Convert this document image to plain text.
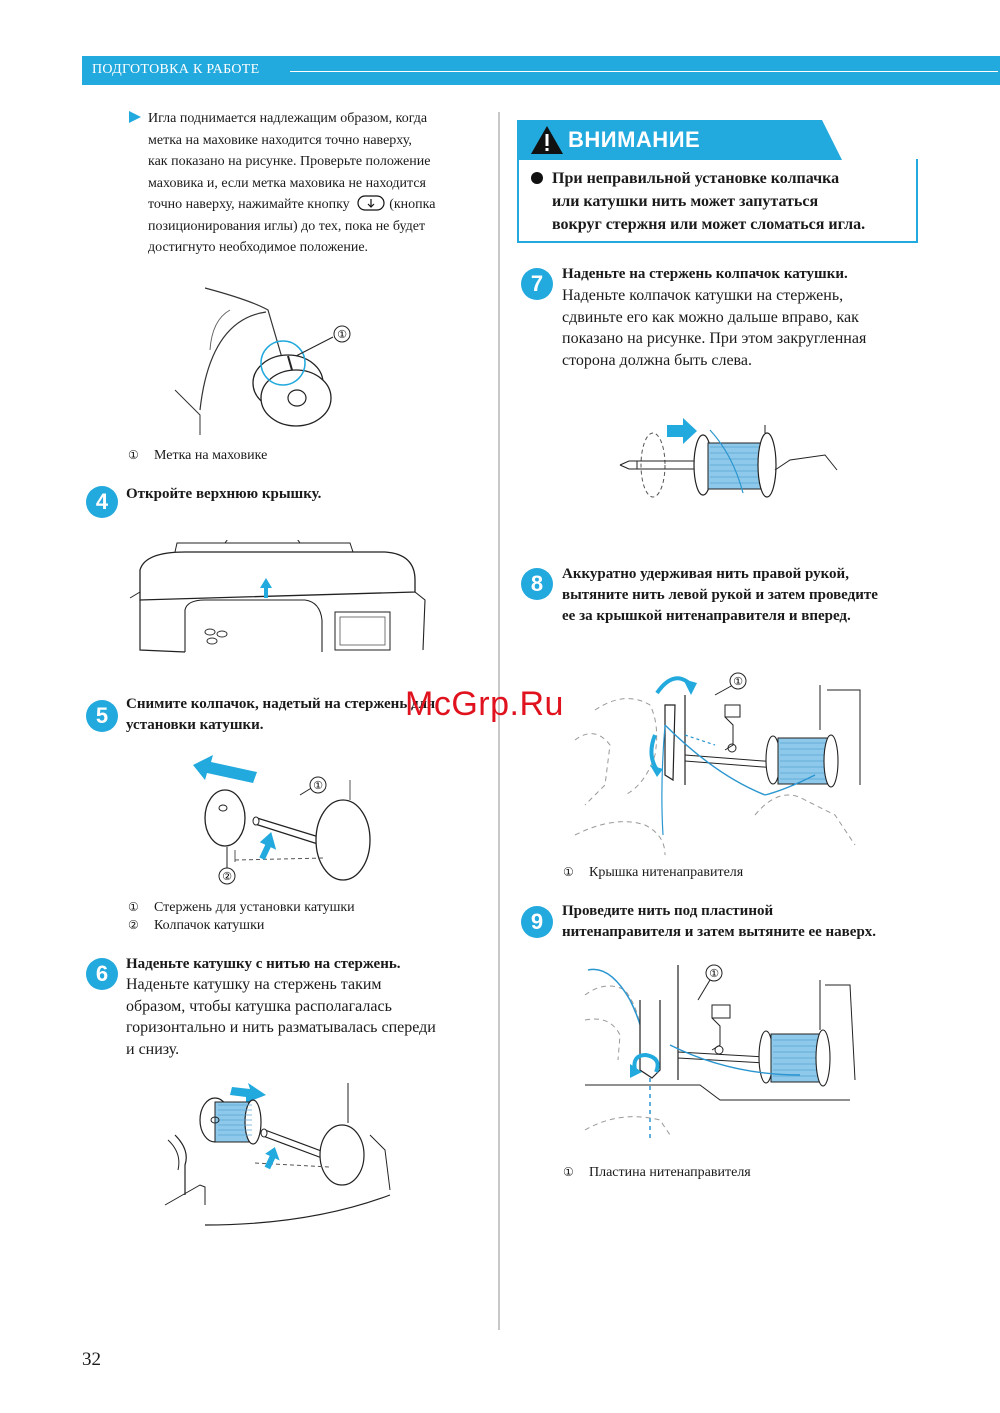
ПОДГОТОВКА К РАБОТЕ
Игла поднимается надлежащим образом, когда
метка на маховике находится точно наверху,
как показано на рисунке. Проверьте положение
маховика и, если метка маховика не находится
точно наверху, нажимайте кнопку	(кнопка
позиционирования иглы) до тех, пока не будет
достигнуто необходимое положение.
①
① Метка на маховике
4	Откройте верхнюю крышку.
5	Снимите колпачок, надетый на стержень для
установки катушки.
①
②
① Стержень для установки катушки
② Колпачок катушки
6	Наденьте катушку с нитью на стержень.
Наденьте катушку на стержень таким
образом, чтобы катушка располагалась
горизонтально и нить разматывалась спереди
и снизу.
ВНИМАНИЕ
При неправильной установке колпачка
или катушки нить может запутаться
вокруг стержня или может сломаться игла.
7	Наденьте на стержень колпачок катушки.
Наденьте колпачок катушки на стержень,
сдвиньте его как можно дальше вправо, как
показано на рисунке. При этом закругленная
сторона должна быть слева.
8	Аккуратно удерживая нить правой рукой,
вытяните нить левой рукой и затем проведите
ее за крышкой нитенаправителя и вперед.
①
① Крышка нитенаправителя
9	Проведите нить под пластиной
нитенаправителя и затем вытяните ее наверх.
①
① Пластина нитенаправителя
McGrp.Ru
32
